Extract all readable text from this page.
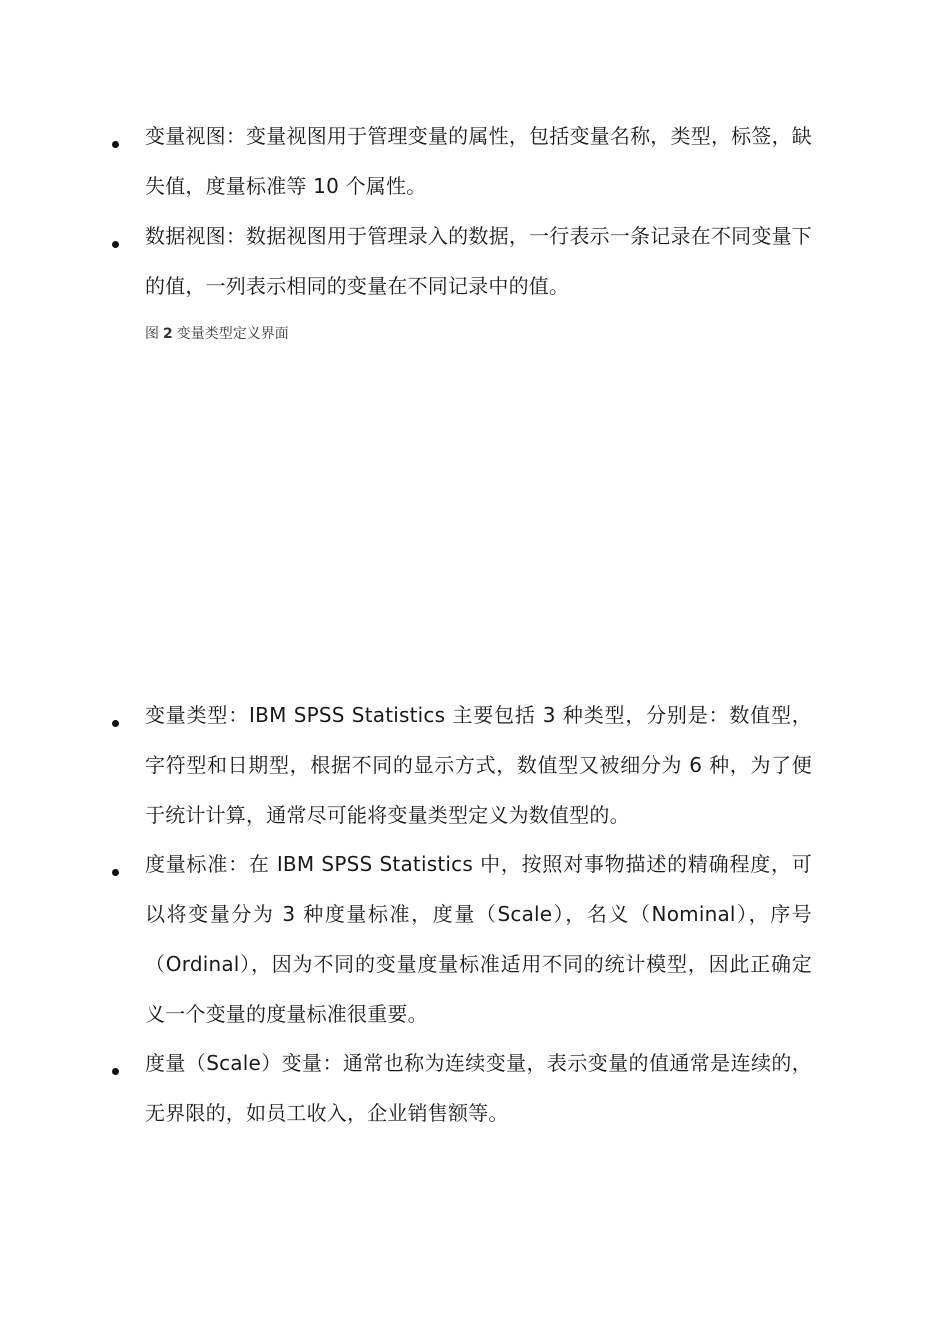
变量视图：变量视图用于管理变量的属性，包括变量名称，类型，标签，缺失值，度量标准等 10 个属性。
数据视图：数据视图用于管理录入的数据，一行表示一条记录在不同变量下的值，一列表示相同的变量在不同记录中的值。
图 2 变量类型定义界面
变量类型：IBM SPSS Statistics 主要包括 3 种类型，分别是：数值型，字符型和日期型，根据不同的显示方式，数值型又被细分为 6 种，为了便于统计计算，通常尽可能将变量类型定义为数值型的。
度量标准：在 IBM SPSS Statistics 中，按照对事物描述的精确程度，可以将变量分为 3 种度量标准，度量（Scale），名义（Nominal），序号（Ordinal），因为不同的变量度量标准适用不同的统计模型，因此正确定义一个变量的度量标准很重要。
度量（Scale）变量：通常也称为连续变量，表示变量的值通常是连续的，无界限的，如员工收入，企业销售额等。
